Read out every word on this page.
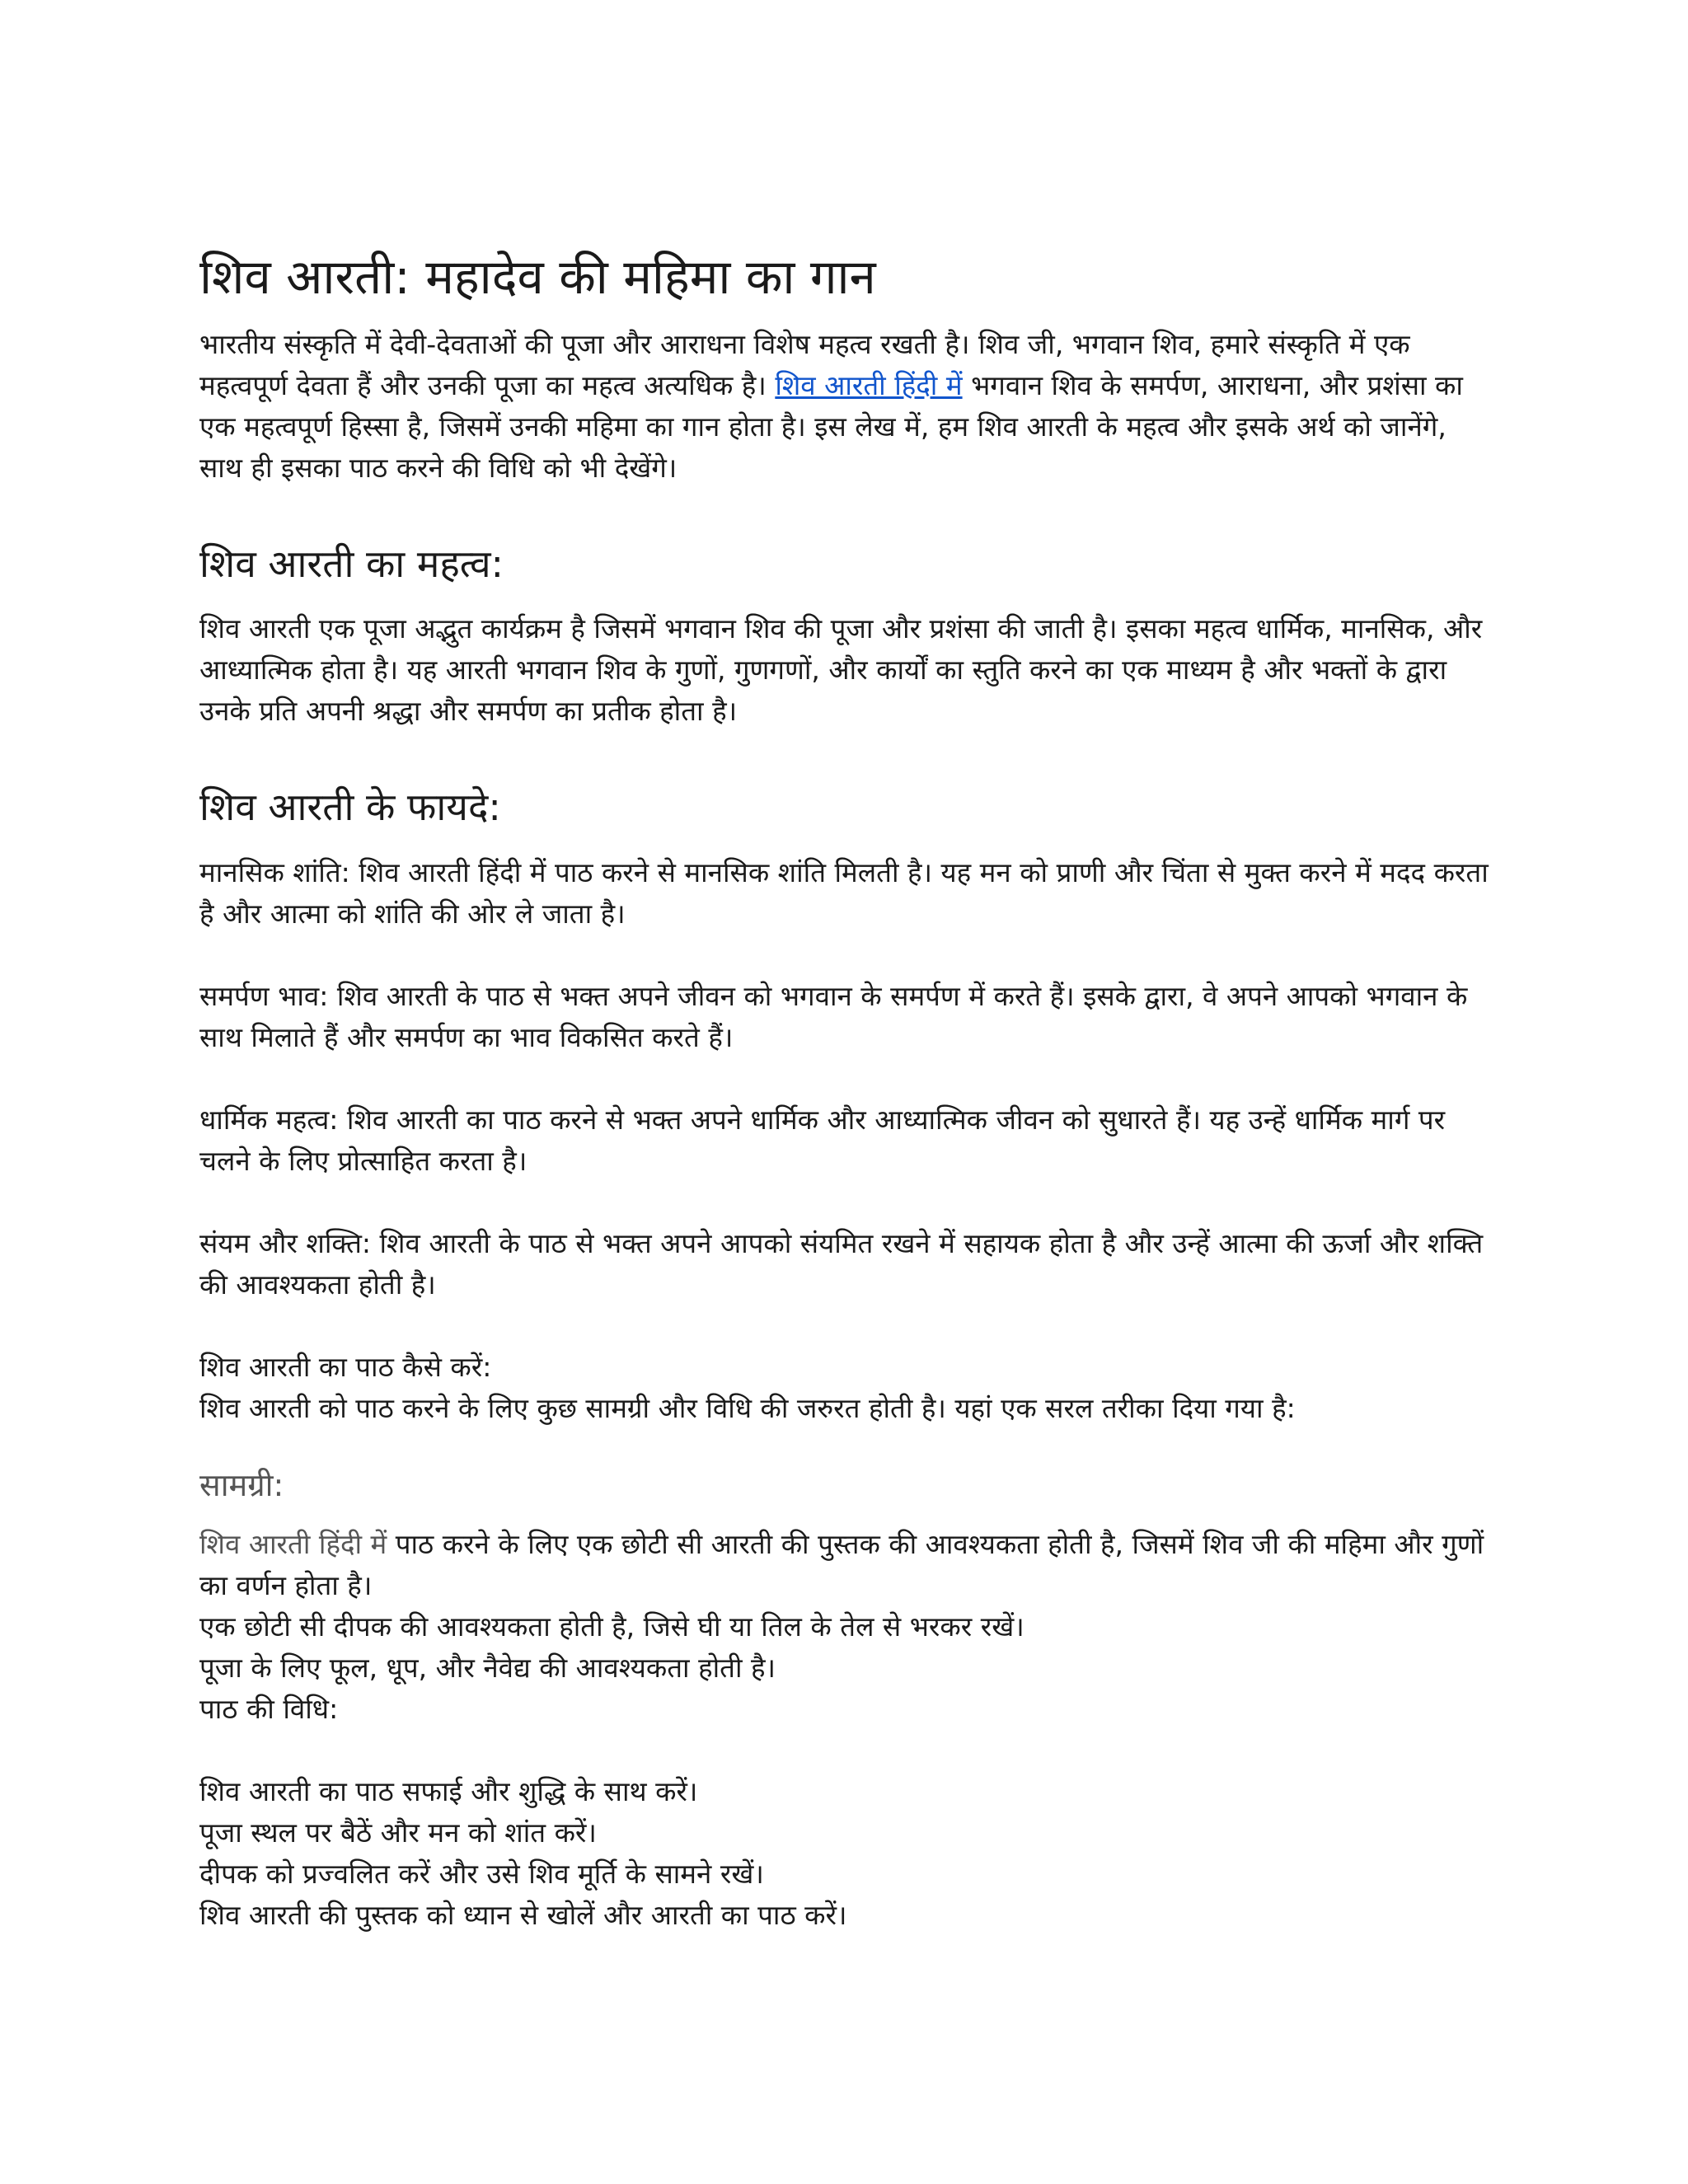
शिव आरती: महादेव की महिमा का गान

भारतीय संस्कृति में देवी-देवताओं की पूजा और आराधना विशेष महत्व रखती है। शिव जी, भगवान शिव, हमारे संस्कृति में एक महत्वपूर्ण देवता हैं और उनकी पूजा का महत्व अत्यधिक है। शिव आरती हिंदी में भगवान शिव के समर्पण, आराधना, और प्रशंसा का एक महत्वपूर्ण हिस्सा है, जिसमें उनकी महिमा का गान होता है। इस लेख में, हम शिव आरती के महत्व और इसके अर्थ को जानेंगे, साथ ही इसका पाठ करने की विधि को भी देखेंगे।

शिव आरती का महत्व:

शिव आरती एक पूजा अद्भुत कार्यक्रम है जिसमें भगवान शिव की पूजा और प्रशंसा की जाती है। इसका महत्व धार्मिक, मानसिक, और आध्यात्मिक होता है। यह आरती भगवान शिव के गुणों, गुणगणों, और कार्यों का स्तुति करने का एक माध्यम है और भक्तों के द्वारा उनके प्रति अपनी श्रद्धा और समर्पण का प्रतीक होता है।

शिव आरती के फायदे:

मानसिक शांति: शिव आरती हिंदी में पाठ करने से मानसिक शांति मिलती है। यह मन को प्राणी और चिंता से मुक्त करने में मदद करता है और आत्मा को शांति की ओर ले जाता है।

समर्पण भाव: शिव आरती के पाठ से भक्त अपने जीवन को भगवान के समर्पण में करते हैं। इसके द्वारा, वे अपने आपको भगवान के साथ मिलाते हैं और समर्पण का भाव विकसित करते हैं।

धार्मिक महत्व: शिव आरती का पाठ करने से भक्त अपने धार्मिक और आध्यात्मिक जीवन को सुधारते हैं। यह उन्हें धार्मिक मार्ग पर चलने के लिए प्रोत्साहित करता है।

संयम और शक्ति: शिव आरती के पाठ से भक्त अपने आपको संयमित रखने में सहायक होता है और उन्हें आत्मा की ऊर्जा और शक्ति की आवश्यकता होती है।

शिव आरती का पाठ कैसे करें:

शिव आरती को पाठ करने के लिए कुछ सामग्री और विधि की जरुरत होती है। यहां एक सरल तरीका दिया गया है:

सामग्री:

शिव आरती हिंदी में पाठ करने के लिए एक छोटी सी आरती की पुस्तक की आवश्यकता होती है, जिसमें शिव जी की महिमा और गुणों का वर्णन होता है।

एक छोटी सी दीपक की आवश्यकता होती है, जिसे घी या तिल के तेल से भरकर रखें।
पूजा के लिए फूल, धूप, और नैवेद्य की आवश्यकता होती है।
पाठ की विधि:
शिव आरती का पाठ सफाई और शुद्धि के साथ करें।
पूजा स्थल पर बैठें और मन को शांत करें।
दीपक को प्रज्वलित करें और उसे शिव मूर्ति के सामने रखें।
शिव आरती की पुस्तक को ध्यान से खोलें और आरती का पाठ करें।
